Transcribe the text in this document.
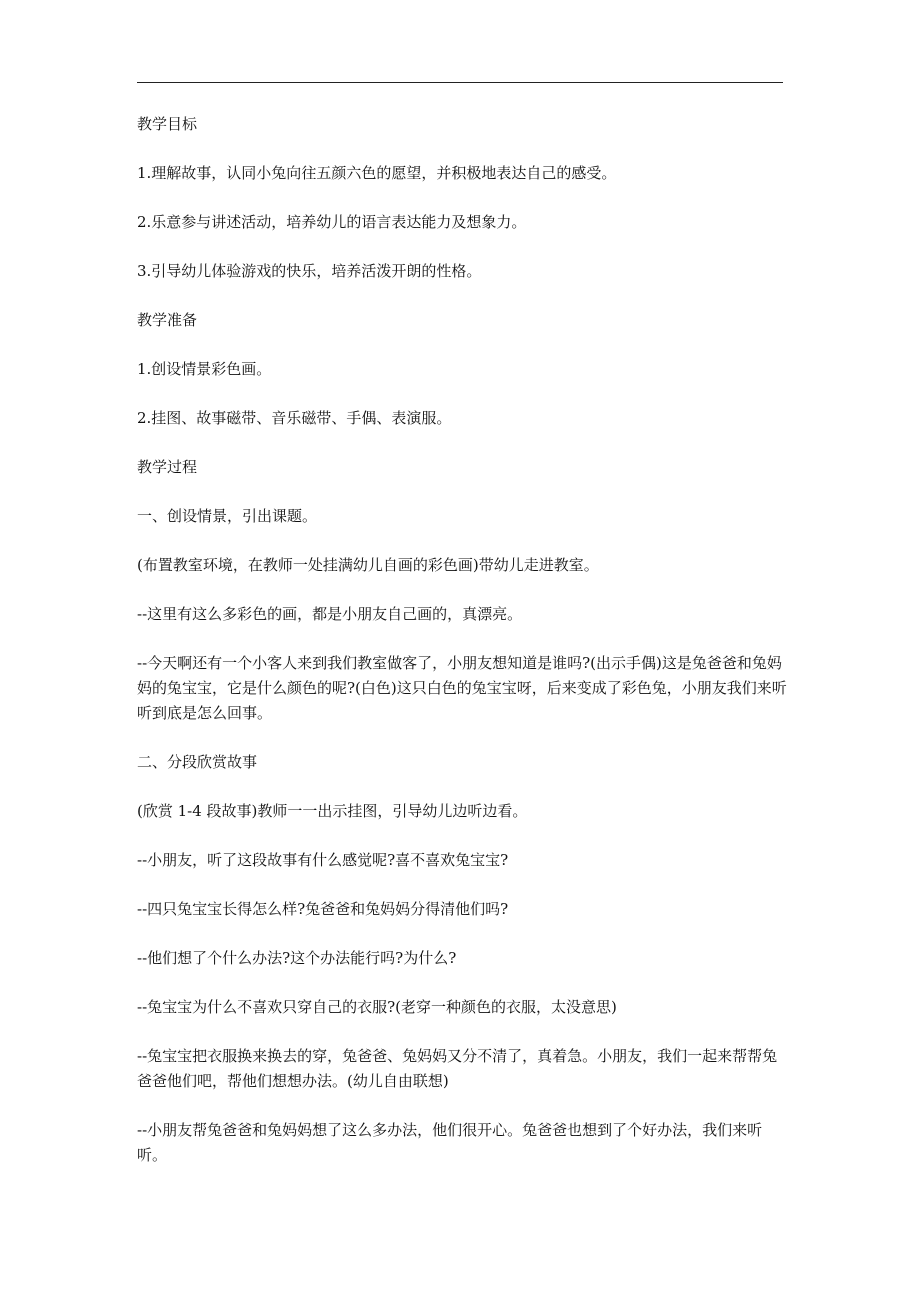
教学目标

1.理解故事，认同小兔向往五颜六色的愿望，并积极地表达自己的感受。

2.乐意参与讲述活动，培养幼儿的语言表达能力及想象力。

3.引导幼儿体验游戏的快乐，培养活泼开朗的性格。

教学准备

1.创设情景彩色画。

2.挂图、故事磁带、音乐磁带、手偶、表演服。

教学过程

一、创设情景，引出课题。

(布置教室环境，在教师一处挂满幼儿自画的彩色画)带幼儿走进教室。

--这里有这么多彩色的画，都是小朋友自己画的，真漂亮。

--今天啊还有一个小客人来到我们教室做客了，小朋友想知道是谁吗?(出示手偶)这是兔爸爸和兔妈妈的兔宝宝，它是什么颜色的呢?(白色)这只白色的兔宝宝呀，后来变成了彩色兔，小朋友我们来听听到底是怎么回事。

二、分段欣赏故事

(欣赏 1-4 段故事)教师一一出示挂图，引导幼儿边听边看。

--小朋友，听了这段故事有什么感觉呢?喜不喜欢兔宝宝?

--四只兔宝宝长得怎么样?兔爸爸和兔妈妈分得清他们吗?

--他们想了个什么办法?这个办法能行吗?为什么?

--兔宝宝为什么不喜欢只穿自己的衣服?(老穿一种颜色的衣服，太没意思)

--兔宝宝把衣服换来换去的穿，兔爸爸、兔妈妈又分不清了，真着急。小朋友，我们一起来帮帮兔爸爸他们吧，帮他们想想办法。(幼儿自由联想)

--小朋友帮兔爸爸和兔妈妈想了这么多办法，他们很开心。兔爸爸也想到了个好办法，我们来听听。
